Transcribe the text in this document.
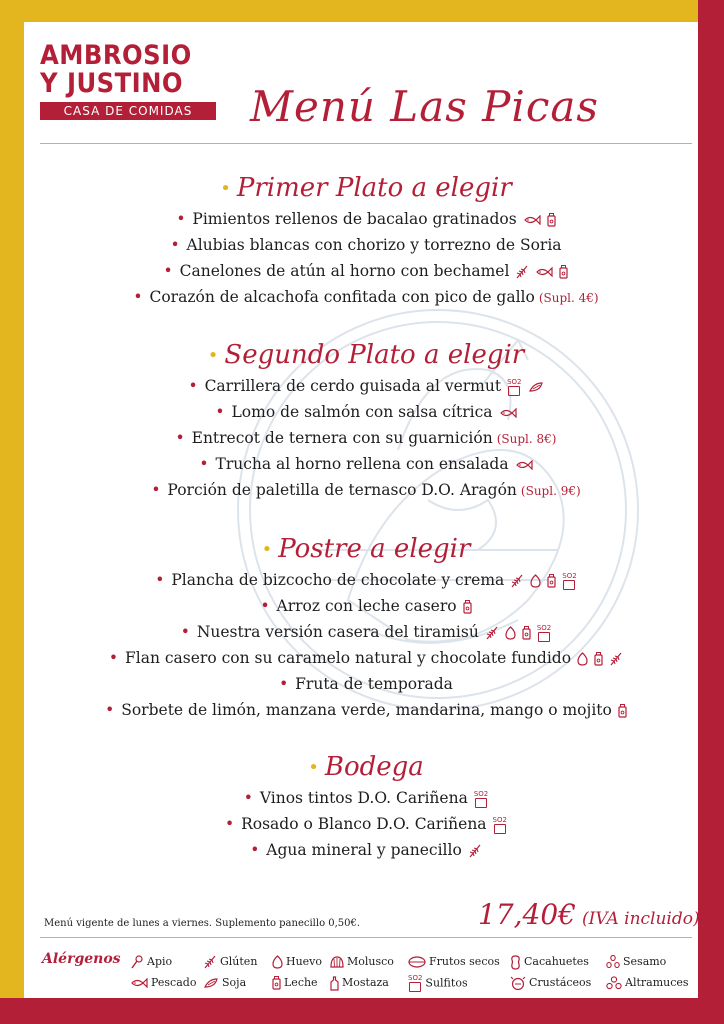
AMBROSIO
Y JUSTINO
CASA DE COMIDAS	Menú Las Picas
• Primer Plato a elegir
• Pimientos rellenos de bacalao gratinados
• Alubias blancas con chorizo y torrezno de Soria
• Canelones de atún al horno con bechamel
• Corazón de alcachofa confitada con pico de gallo (Supl. 4€)
• Segundo Plato a elegir
• Carrillera de cerdo guisada al vermut SO2
• Lomo de salmón con salsa cítrica
• Entrecot de ternera con su guarnición (Supl. 8€)
• Trucha al horno rellena con ensalada
• Porción de paletilla de ternasco D.O. Aragón (Supl. 9€)
• Postre a elegir
• Plancha de bizcocho de chocolate y crema	SO2
• Arroz con leche casero
• Nuestra versión casera del tiramisú	SO2
• Flan casero con su caramelo natural y chocolate fundido
• Fruta de temporada
• Sorbete de limón, manzana verde, mandarina, mango o mojito
• Bodega
• Vinos tintos D.O. Cariñena SO2
• Rosado o Blanco D.O. Cariñena SO2
• Agua mineral y panecillo
Menú vigente de lunes a viernes. Suplemento panecillo 0,50€.	17,40€ (IVA incluido)
Alérgenos	Apio	Glúten	Huevo	Molusco	Frutos secos	Cacahuetes	Sesamo
Pescado	Soja	Leche	Mostaza	SO2 Sulfitos	Crustáceos	Altramuces
